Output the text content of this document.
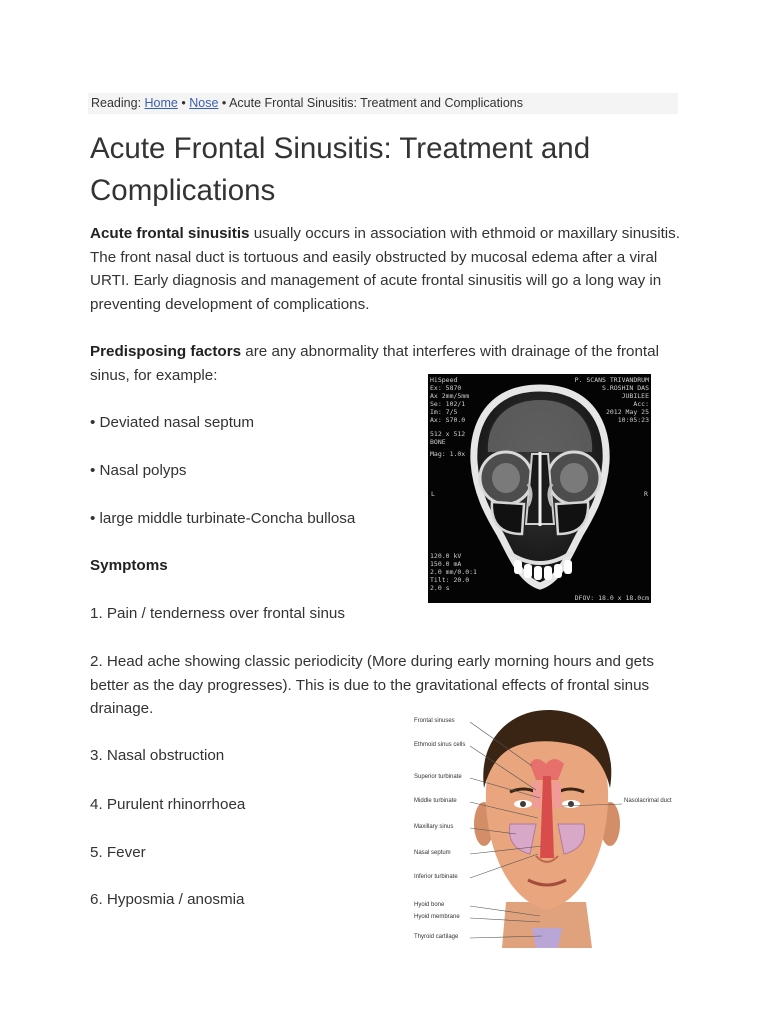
Reading: Home • Nose • Acute Frontal Sinusitis: Treatment and Complications
Acute Frontal Sinusitis: Treatment and Complications

Acute frontal sinusitis usually occurs in association with ethmoid or maxillary sinusitis. The front nasal duct is tortuous and easily obstructed by mucosal edema after a viral URTI. Early diagnosis and management of acute frontal sinusitis will go a long way in preventing development of complications.

Predisposing factors are any abnormality that interferes with drainage of the frontal sinus, for example:

• Deviated nasal septum

• Nasal polyps

• large middle turbinate-Concha bullosa

Symptoms

1. Pain / tenderness over frontal sinus

2. Head ache showing classic periodicity (More during early morning hours and gets better as the day progresses). This is due to the gravitational effects of frontal sinus drainage.

3. Nasal obstruction

4. Purulent rhinorrhoea

5. Fever

6. Hyposmia / anosmia

HiSpeed
Ex: 5870
Ax 2mm/5mm
Se: 102/1
Im: 7/5
Ax: S70.0
512 x 512
BONE
Mag: 1.0x
P. SCANS TRIVANDRUM
S.ROSHIN DAS
JUBILEE
Acc:
2012 May 25
10:05:23
120.0 kV
150.0 mA
2.0 mm/0.0:1
Tilt: 20.0
2.0 s
DFOV: 18.0 x 18.0cm
L	R
Frontal sinuses
Ethmoid sinus cells
Superior turbinate
Middle turbinate
Maxillary sinus
Nasal septum
Inferior turbinate
Hyoid bone
Hyoid membrane
Thyroid cartilage
Nasolacrimal duct
